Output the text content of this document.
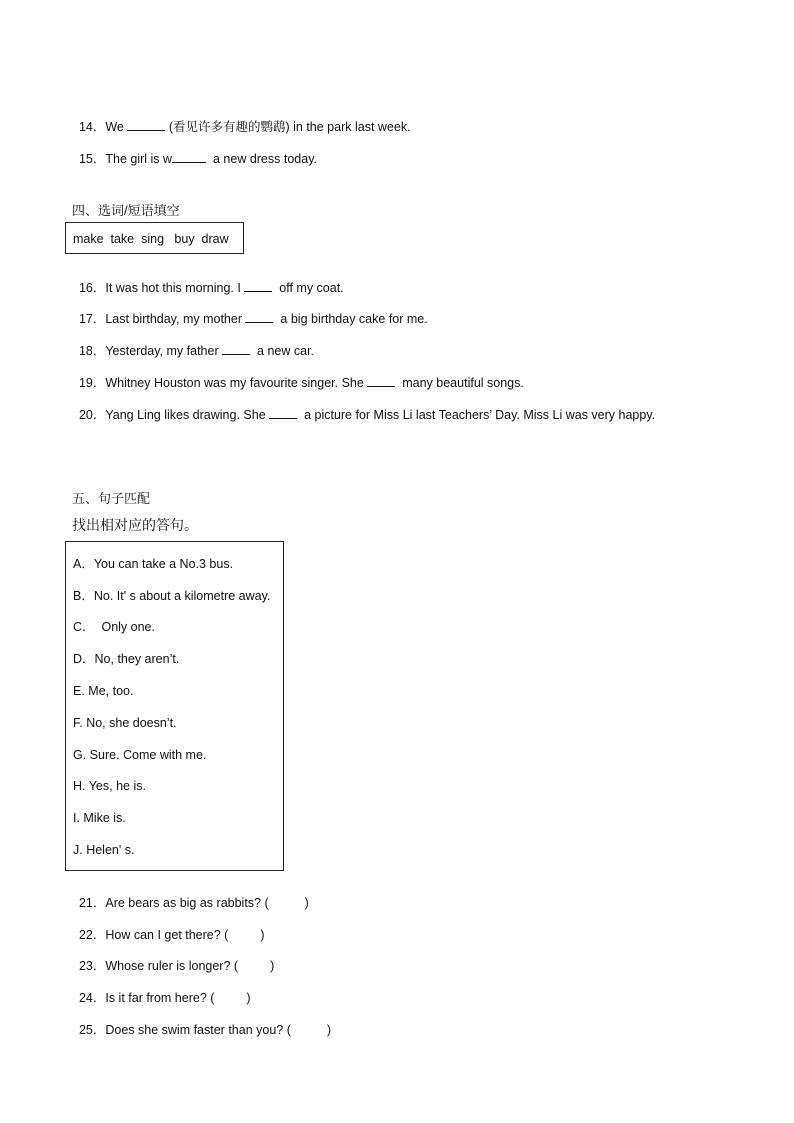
14．We	(看见许多有趣的鹦鹉) in the park last week.

15．The girl is w	a new dress today.

四、选词/短语填空
make  take  sing   buy  draw

16．It was hot this morning. I   off my coat.

17．Last birthday, my mother   a big birthday cake for me.

18．Yesterday, my father   a new car.

19．Whitney Houston was my favourite singer. She   many beautiful songs.

20．Yang Ling likes drawing. She   a picture for Miss Li last Teachers’ Day. Miss Li was very happy.

五、句子匹配
找出相对应的答句。
A．You can take a No.3 bus.
B．No. It' s about a kilometre away.
C．  Only one.
D．No, they aren’t.
E. Me, too.
F. No, she doesn’t.
G. Sure. Come with me.
H. Yes, he is.
I. Mike is.
J. Helen' s.

21．Are bears as big as rabbits? (	)

22．How can I get there? (	)

23．Whose ruler is longer? (	)

24．Is it far from here? (	)

25．Does she swim faster than you? (	)
